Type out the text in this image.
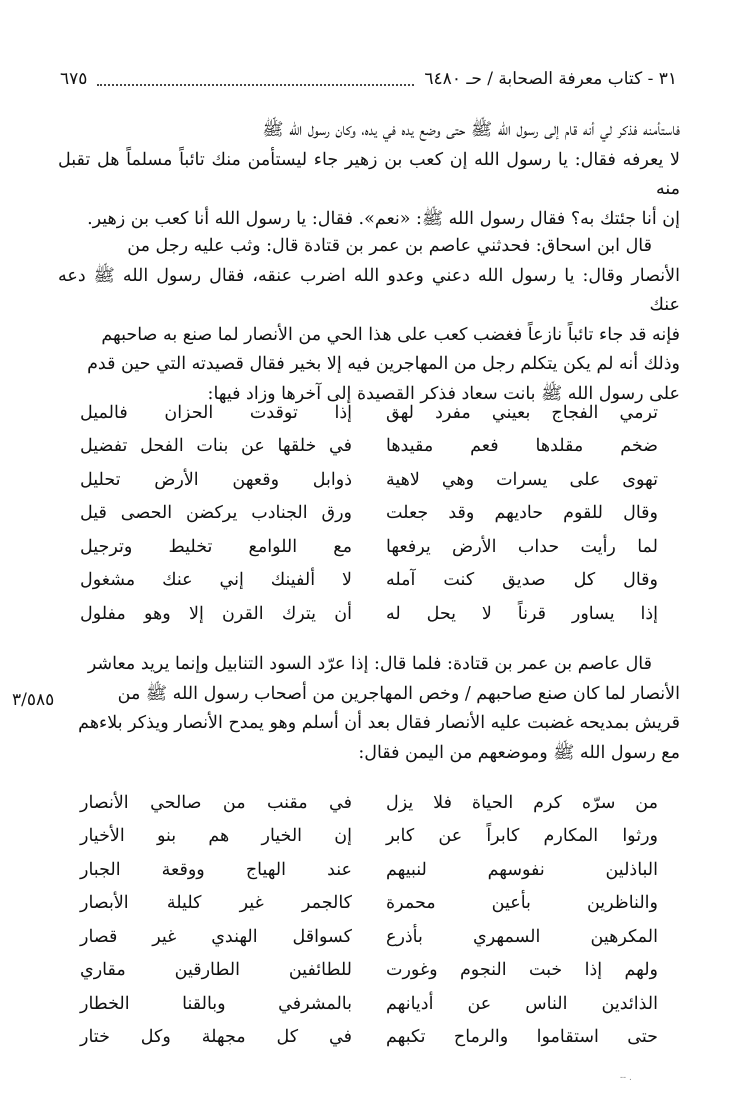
٣١ - كتاب معرفة الصحابة / حـ ٦٤٨٠
٦٧٥

فاستأمنه فذكر لي أنه قام إلى رسول الله ﷺ حتى وضع يده في يده، وكان رسول الله ﷺ

لا يعرفه فقال: يا رسول الله إن كعب بن زهير جاء ليستأمن منك تائباً مسلماً هل تقبل منه

إن أنا جئتك به؟ فقال رسول الله ﷺ: «نعم». فقال: يا رسول الله أنا كعب بن زهير.

قال ابن اسحاق: فحدثني عاصم بن عمر بن قتادة قال: وثب عليه رجل من

الأنصار وقال: يا رسول الله دعني وعدو الله اضرب عنقه، فقال رسول الله ﷺ دعه عنك

فإنه قد جاء تائباً نازعاً فغضب كعب على هذا الحي من الأنصار لما صنع به صاحبهم

وذلك أنه لم يكن يتكلم رجل من المهاجرين فيه إلا بخير فقال قصيدته التي حين قدم

على رسول الله ﷺ بانت سعاد فذكر القصيدة إلى آخرها وزاد فيها:

ترمي الفجاج بعيني مفرد لهق
إذا توقدت الحزان فالميل
ضخم مقلدها فعم مقيدها
في خلقها عن بنات الفحل تفضيل
تهوى على يسرات وهي لاهية
ذوابل وقعهن الأرض تحليل
وقال للقوم حاديهم وقد جعلت
ورق الجنادب يركضن الحصى قيل
لما رأيت حداب الأرض يرفعها
مع اللوامع تخليط وترجيل
وقال كل صديق كنت آمله
لا ألفينك إني عنك مشغول
إذا يساور قرناً لا يحل له
أن يترك القرن إلا وهو مفلول

قال عاصم بن عمر بن قتادة: فلما قال: إذا عرّد السود التنابيل وإنما يريد معاشر

الأنصار لما كان صنع صاحبهم / وخص المهاجرين من أصحاب رسول الله ﷺ من

قريش بمديحه غضبت عليه الأنصار فقال بعد أن أسلم وهو يمدح الأنصار ويذكر بلاءهم

مع رسول الله ﷺ وموضعهم من اليمن فقال:

٣/٥٨٥
من سرّه كرم الحياة فلا يزل
في مقنب من صالحي الأنصار
ورثوا المكارم كابراً عن كابر
إن الخيار هم بنو الأخيار
الباذلين نفوسهم لنبيهم
عند الهياج ووقعة الجبار
والناظرين بأعين محمرة
كالجمر غير كليلة الأبصار
المكرهين السمهري بأذرع
كسواقل الهندي غير قصار
ولهم إذا خبت النجوم وغورت
للطائفين الطارقين مقاري
الذائدين الناس عن أديانهم
بالمشرفي وبالقنا الخطار
حتى استقاموا والرماح تكبهم
في كل مجهلة وكل ختار
-- .
